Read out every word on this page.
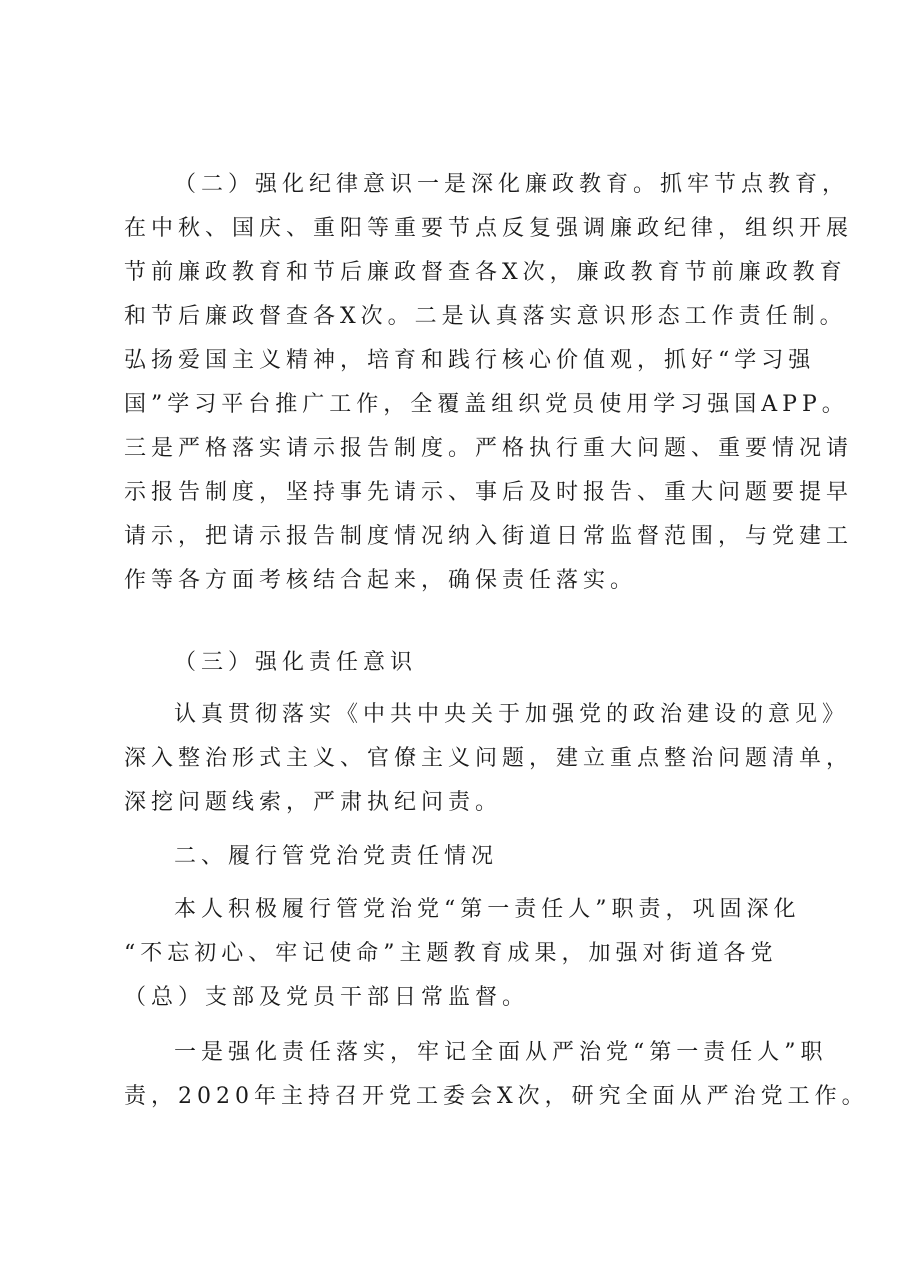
（二）强化纪律意识一是深化廉政教育。抓牢节点教育，
在中秋、国庆、重阳等重要节点反复强调廉政纪律，组织开展
节前廉政教育和节后廉政督查各X次，廉政教育节前廉政教育
和节后廉政督查各X次。二是认真落实意识形态工作责任制。
弘扬爱国主义精神，培育和践行核心价值观，抓好“学习强
国”学习平台推广工作，全覆盖组织党员使用学习强国APP。
三是严格落实请示报告制度。严格执行重大问题、重要情况请
示报告制度，坚持事先请示、事后及时报告、重大问题要提早
请示，把请示报告制度情况纳入街道日常监督范围，与党建工
作等各方面考核结合起来，确保责任落实。
（三）强化责任意识
认真贯彻落实《中共中央关于加强党的政治建设的意见》
深入整治形式主义、官僚主义问题，建立重点整治问题清单，
深挖问题线索，严肃执纪问责。
二、履行管党治党责任情况
本人积极履行管党治党“第一责任人”职责，巩固深化
“不忘初心、牢记使命”主题教育成果，加强对街道各党
（总）支部及党员干部日常监督。
一是强化责任落实，牢记全面从严治党“第一责任人”职
责，2020年主持召开党工委会X次，研究全面从严治党工作。
